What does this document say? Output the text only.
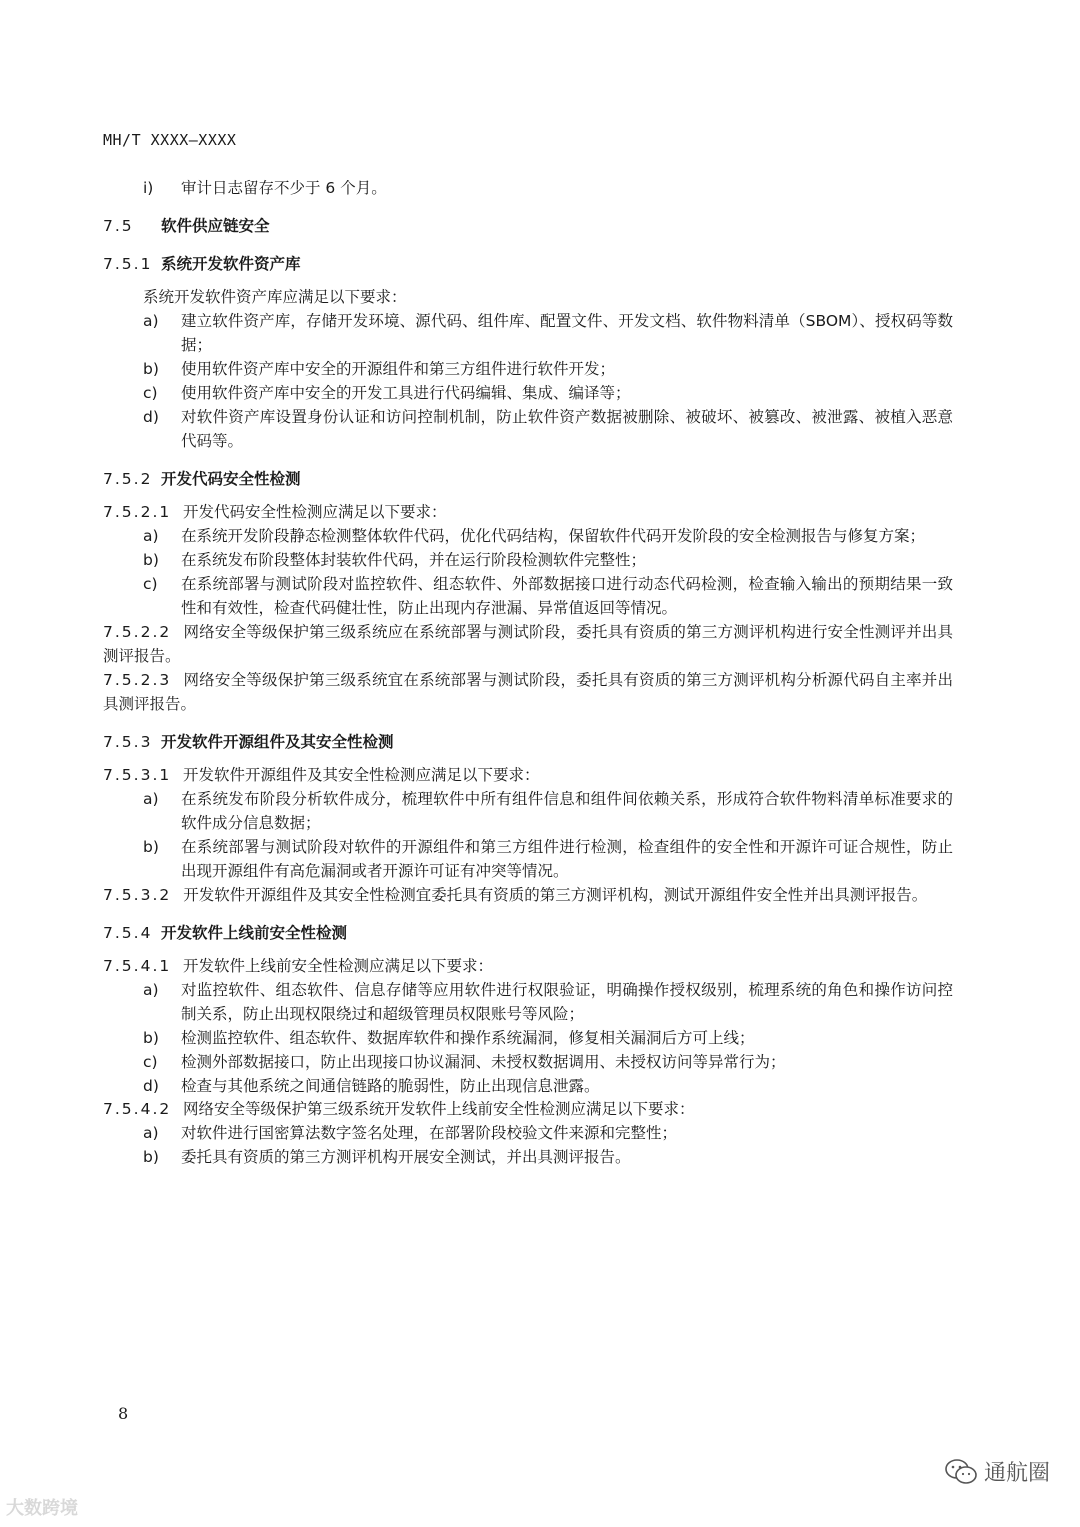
MH/T XXXX—XXXX
i)	审计日志留存不少于 6 个月。
7.5 软件供应链安全
7.5.1 系统开发软件资产库
系统开发软件资产库应满足以下要求：
a)	建立软件资产库，存储开发环境、源代码、组件库、配置文件、开发文档、软件物料清单（SBOM）、授权码等数据；
b)	使用软件资产库中安全的开源组件和第三方组件进行软件开发；
c)	使用软件资产库中安全的开发工具进行代码编辑、集成、编译等；
d)	对软件资产库设置身份认证和访问控制机制，防止软件资产数据被删除、被破坏、被篡改、被泄露、被植入恶意代码等。
7.5.2 开发代码安全性检测
7.5.2.1 开发代码安全性检测应满足以下要求：
a)	在系统开发阶段静态检测整体软件代码，优化代码结构，保留软件代码开发阶段的安全检测报告与修复方案；
b)	在系统发布阶段整体封装软件代码，并在运行阶段检测软件完整性；
c)	在系统部署与测试阶段对监控软件、组态软件、外部数据接口进行动态代码检测，检查输入输出的预期结果一致性和有效性，检查代码健壮性，防止出现内存泄漏、异常值返回等情况。
7.5.2.2 网络安全等级保护第三级系统应在系统部署与测试阶段，委托具有资质的第三方测评机构进行安全性测评并出具测评报告。
7.5.2.3 网络安全等级保护第三级系统宜在系统部署与测试阶段，委托具有资质的第三方测评机构分析源代码自主率并出具测评报告。
7.5.3 开发软件开源组件及其安全性检测
7.5.3.1 开发软件开源组件及其安全性检测应满足以下要求：
a)	在系统发布阶段分析软件成分，梳理软件中所有组件信息和组件间依赖关系，形成符合软件物料清单标准要求的软件成分信息数据；
b)	在系统部署与测试阶段对软件的开源组件和第三方组件进行检测，检查组件的安全性和开源许可证合规性，防止出现开源组件有高危漏洞或者开源许可证有冲突等情况。
7.5.3.2 开发软件开源组件及其安全性检测宜委托具有资质的第三方测评机构，测试开源组件安全性并出具测评报告。
7.5.4 开发软件上线前安全性检测
7.5.4.1 开发软件上线前安全性检测应满足以下要求：
a)	对监控软件、组态软件、信息存储等应用软件进行权限验证，明确操作授权级别，梳理系统的角色和操作访问控制关系，防止出现权限绕过和超级管理员权限账号等风险；
b)	检测监控软件、组态软件、数据库软件和操作系统漏洞，修复相关漏洞后方可上线；
c)	检测外部数据接口，防止出现接口协议漏洞、未授权数据调用、未授权访问等异常行为；
d)	检查与其他系统之间通信链路的脆弱性，防止出现信息泄露。
7.5.4.2 网络安全等级保护第三级系统开发软件上线前安全性检测应满足以下要求：
a)	对软件进行国密算法数字签名处理，在部署阶段校验文件来源和完整性；
b)	委托具有资质的第三方测评机构开展安全测试，并出具测评报告。
8
大数跨境
通航圈
